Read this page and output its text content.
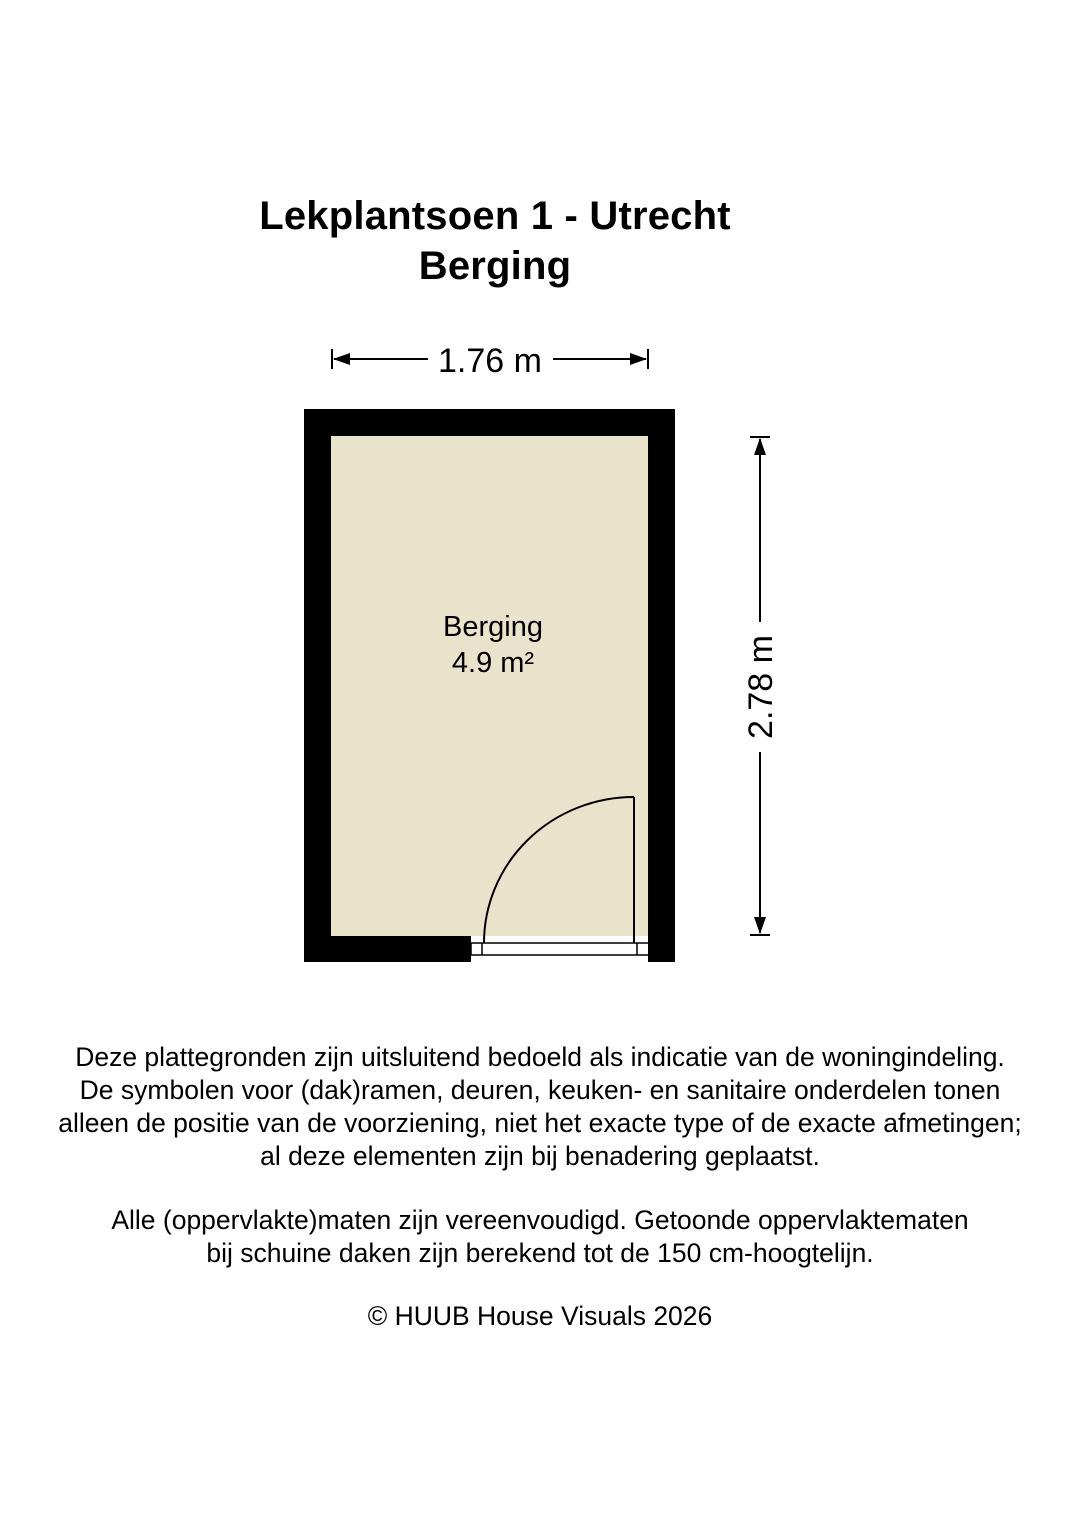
Lekplantsoen 1 - Utrecht
Berging
1.76 m
2.78 m
Berging
4.9 m²
Deze plattegronden zijn uitsluitend bedoeld als indicatie van de woningindeling.
De symbolen voor (dak)ramen, deuren, keuken- en sanitaire onderdelen tonen
alleen de positie van de voorziening, niet het exacte type of de exacte afmetingen;
al deze elementen zijn bij benadering geplaatst.
Alle (oppervlakte)maten zijn vereenvoudigd. Getoonde oppervlaktematen
bij schuine daken zijn berekend tot de 150 cm-hoogtelijn.
© HUUB House Visuals 2026
